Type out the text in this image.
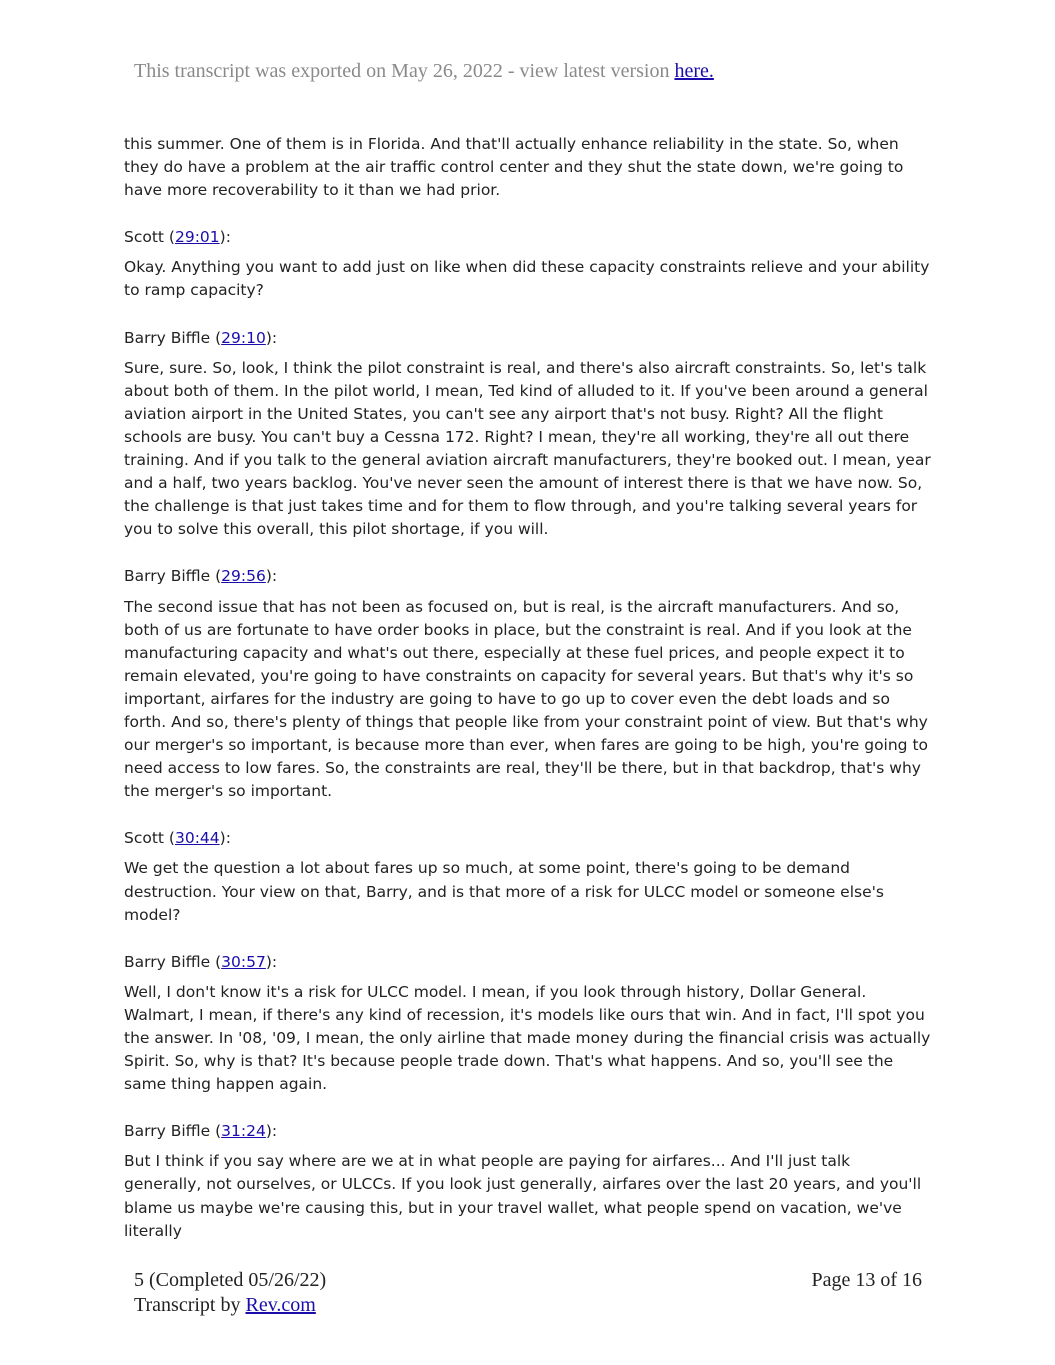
This transcript was exported on May 26, 2022 - view latest version here.

this summer. One of them is in Florida. And that'll actually enhance reliability in the state. So, when they do have a problem at the air traffic control center and they shut the state down, we're going to have more recoverability to it than we had prior.

Scott (29:01):

Okay. Anything you want to add just on like when did these capacity constraints relieve and your ability to ramp capacity?

Barry Biffle (29:10):

Sure, sure. So, look, I think the pilot constraint is real, and there's also aircraft constraints. So, let's talk about both of them. In the pilot world, I mean, Ted kind of alluded to it. If you've been around a general aviation airport in the United States, you can't see any airport that's not busy. Right? All the flight schools are busy. You can't buy a Cessna 172. Right? I mean, they're all working, they're all out there training. And if you talk to the general aviation aircraft manufacturers, they're booked out. I mean, year and a half, two years backlog. You've never seen the amount of interest there is that we have now. So, the challenge is that just takes time and for them to flow through, and you're talking several years for you to solve this overall, this pilot shortage, if you will.

Barry Biffle (29:56):

The second issue that has not been as focused on, but is real, is the aircraft manufacturers. And so, both of us are fortunate to have order books in place, but the constraint is real. And if you look at the manufacturing capacity and what's out there, especially at these fuel prices, and people expect it to remain elevated, you're going to have constraints on capacity for several years. But that's why it's so important, airfares for the industry are going to have to go up to cover even the debt loads and so forth. And so, there's plenty of things that people like from your constraint point of view. But that's why our merger's so important, is because more than ever, when fares are going to be high, you're going to need access to low fares. So, the constraints are real, they'll be there, but in that backdrop, that's why the merger's so important.

Scott (30:44):

We get the question a lot about fares up so much, at some point, there's going to be demand destruction. Your view on that, Barry, and is that more of a risk for ULCC model or someone else's model?

Barry Biffle (30:57):

Well, I don't know it's a risk for ULCC model. I mean, if you look through history, Dollar General. Walmart, I mean, if there's any kind of recession, it's models like ours that win. And in fact, I'll spot you the answer. In '08, '09, I mean, the only airline that made money during the financial crisis was actually Spirit. So, why is that? It's because people trade down. That's what happens. And so, you'll see the same thing happen again.

Barry Biffle (31:24):

But I think if you say where are we at in what people are paying for airfares... And I'll just talk generally, not ourselves, or ULCCs. If you look just generally, airfares over the last 20 years, and you'll blame us maybe we're causing this, but in your travel wallet, what people spend on vacation, we've literally

5 (Completed 05/26/22)
Transcript by Rev.com
Page 13 of 16
